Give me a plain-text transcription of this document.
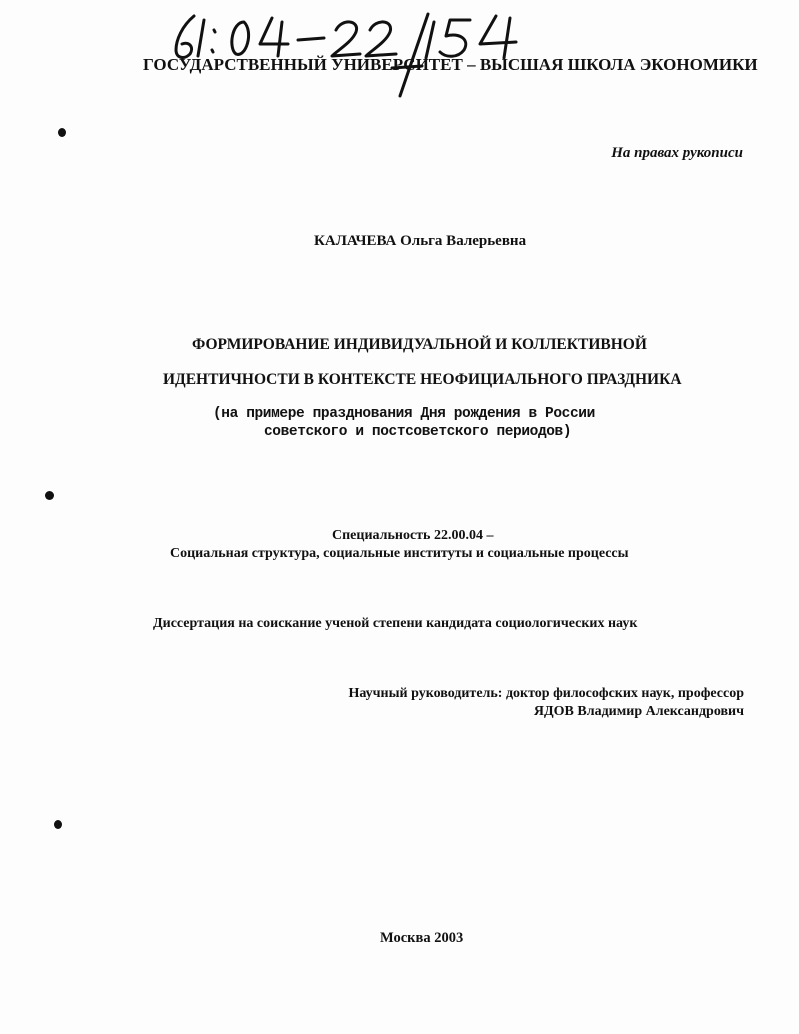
ГОСУДАРСТВЕННЫЙ УНИВЕРСИТЕТ – ВЫСШАЯ ШКОЛА ЭКОНОМИКИ
На правах рукописи
КАЛАЧЕВА Ольга Валерьевна
ФОРМИРОВАНИЕ ИНДИВИДУАЛЬНОЙ И КОЛЛЕКТИВНОЙ
ИДЕНТИЧНОСТИ В КОНТЕКСТЕ НЕОФИЦИАЛЬНОГО ПРАЗДНИКА
(на примере празднования Дня рождения в России
советского и постсоветского периодов)
Специальность 22.00.04 –
Социальная структура, социальные институты и социальные процессы
Диссертация на соискание ученой степени кандидата социологических наук
Научный руководитель: доктор философских наук, профессор
ЯДОВ Владимир Александрович
Москва 2003
